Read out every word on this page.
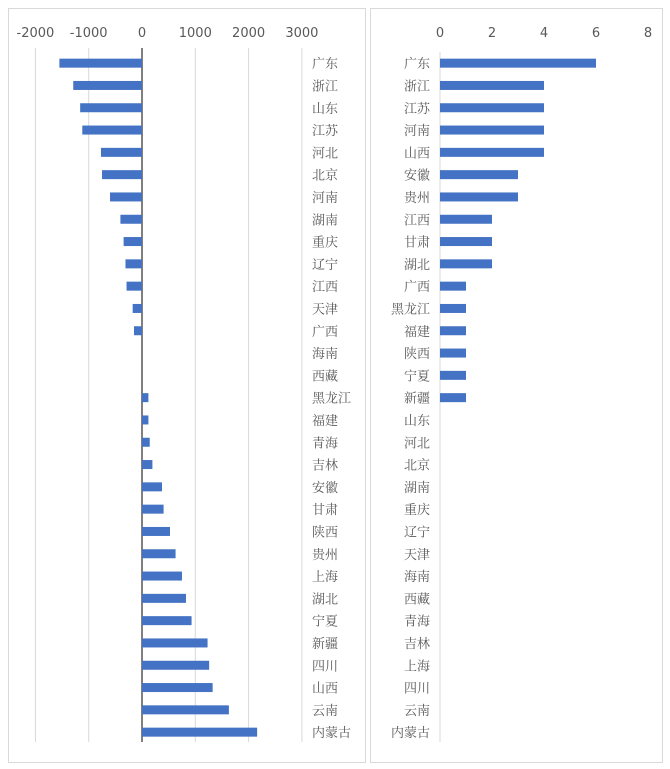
-2000 -1000 0	1000 2000 3000
广东
浙江
山东
江苏
河北
北京
河南
湖南
重庆
辽宁
江西
天津
广西
海南
西藏
黑龙江
福建
青海
吉林
安徽
甘肃
陕西
贵州
上海
湖北
宁夏
新疆
四川
山西
云南
内蒙古
0	2	4	6	8
广东
浙江
江苏
河南
山西
安徽
贵州
江西
甘肃
湖北
广西
黑龙江
福建
陕西
宁夏
新疆
山东
河北
北京
湖南
重庆
辽宁
天津
海南
西藏
青海
吉林
上海
四川
云南
内蒙古
